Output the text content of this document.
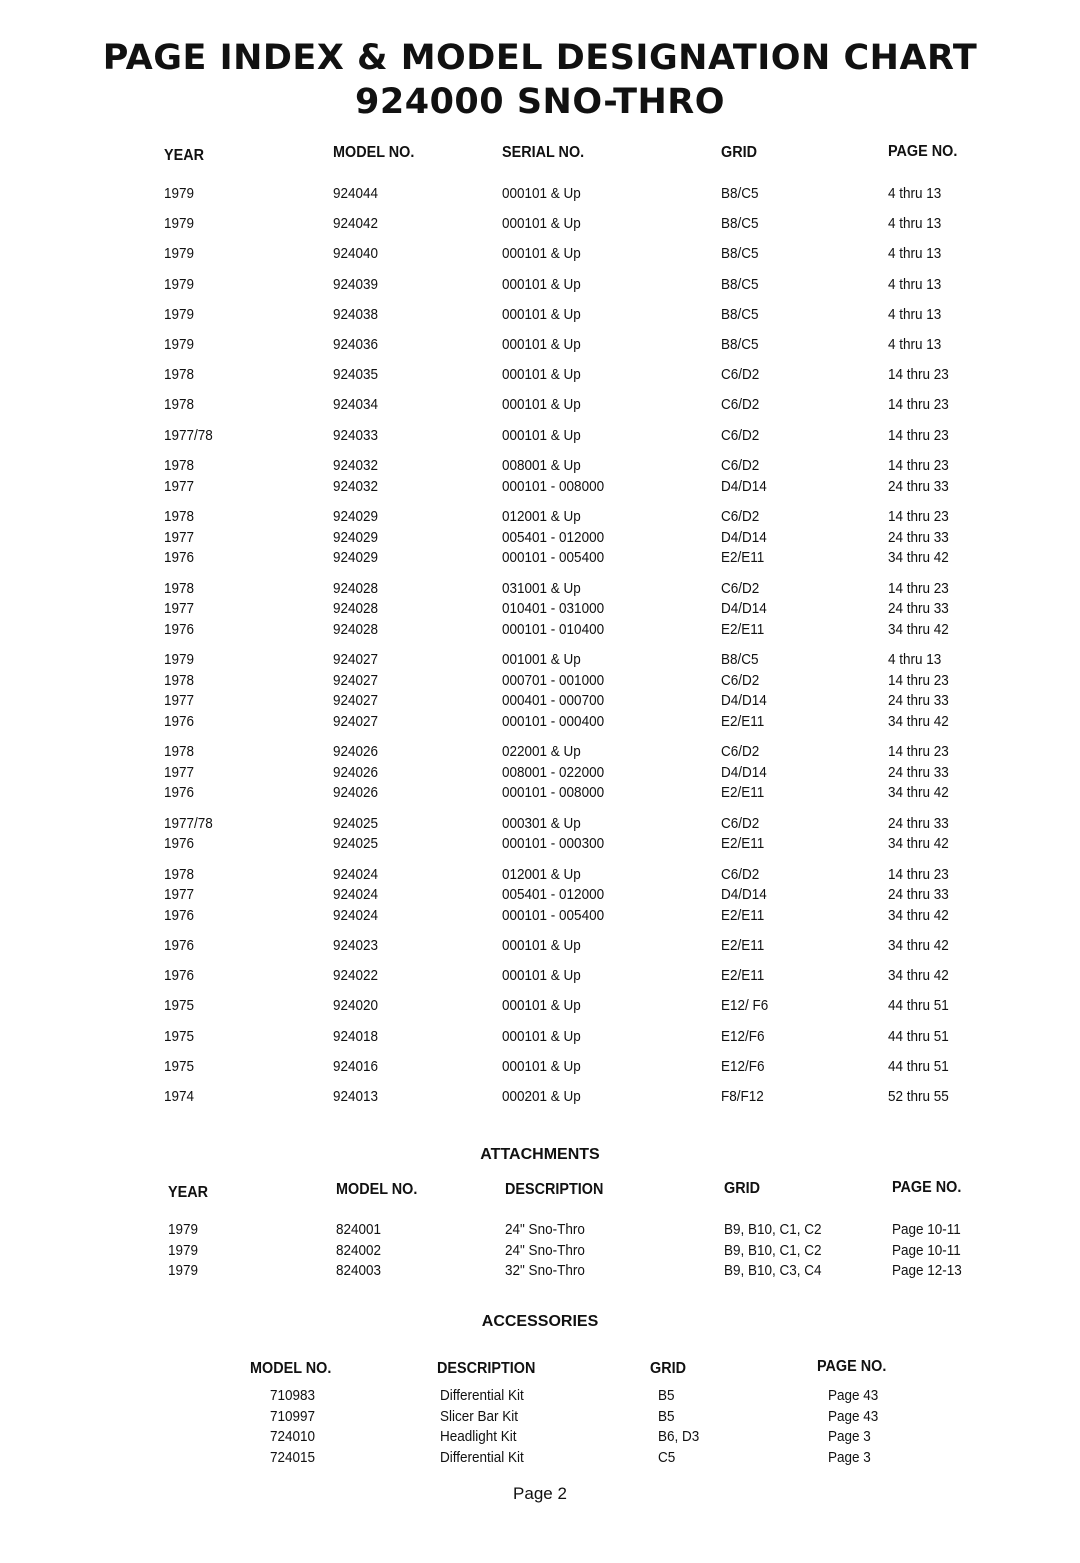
PAGE INDEX & MODEL DESIGNATION CHART
924000 SNO-THRO
YEAR	MODEL NO.	SERIAL NO.	GRID	PAGE NO.
1979	924044	000101 & Up	B8/C5	4 thru 13
1979	924042	000101 & Up	B8/C5	4 thru 13
1979	924040	000101 & Up	B8/C5	4 thru 13
1979	924039	000101 & Up	B8/C5	4 thru 13
1979	924038	000101 & Up	B8/C5	4 thru 13
1979	924036	000101 & Up	B8/C5	4 thru 13
1978	924035	000101 & Up	C6/D2	14 thru 23
1978	924034	000101 & Up	C6/D2	14 thru 23
1977/78	924033	000101 & Up	C6/D2	14 thru 23
1978	924032	008001 & Up	C6/D2	14 thru 23
1977	924032	000101 - 008000	D4/D14	24 thru 33
1978	924029	012001 & Up	C6/D2	14 thru 23
1977	924029	005401 - 012000	D4/D14	24 thru 33
1976	924029	000101 - 005400	E2/E11	34 thru 42
1978	924028	031001 & Up	C6/D2	14 thru 23
1977	924028	010401 - 031000	D4/D14	24 thru 33
1976	924028	000101 - 010400	E2/E11	34 thru 42
1979	924027	001001 & Up	B8/C5	4 thru 13
1978	924027	000701 - 001000	C6/D2	14 thru 23
1977	924027	000401 - 000700	D4/D14	24 thru 33
1976	924027	000101 - 000400	E2/E11	34 thru 42
1978	924026	022001 & Up	C6/D2	14 thru 23
1977	924026	008001 - 022000	D4/D14	24 thru 33
1976	924026	000101 - 008000	E2/E11	34 thru 42
1977/78	924025	000301 & Up	C6/D2	24 thru 33
1976	924025	000101 - 000300	E2/E11	34 thru 42
1978	924024	012001 & Up	C6/D2	14 thru 23
1977	924024	005401 - 012000	D4/D14	24 thru 33
1976	924024	000101 - 005400	E2/E11	34 thru 42
1976	924023	000101 & Up	E2/E11	34 thru 42
1976	924022	000101 & Up	E2/E11	34 thru 42
1975	924020	000101 & Up	E12/ F6	44 thru 51
1975	924018	000101 & Up	E12/F6	44 thru 51
1975	924016	000101 & Up	E12/F6	44 thru 51
1974	924013	000201 & Up	F8/F12	52 thru 55
ATTACHMENTS
YEAR	MODEL NO.	DESCRIPTION	GRID	PAGE NO.
1979	824001	24" Sno-Thro	B9, B10, C1, C2	Page 10-11
1979	824002	24" Sno-Thro	B9, B10, C1, C2	Page 10-11
1979	824003	32" Sno-Thro	B9, B10, C3, C4	Page 12-13
ACCESSORIES
MODEL NO.	DESCRIPTION	GRID	PAGE NO.
710983	Differential Kit	B5	Page 43
710997	Slicer Bar Kit	B5	Page 43
724010	Headlight Kit	B6, D3	Page 3
724015	Differential Kit	C5	Page 3
Page 2
